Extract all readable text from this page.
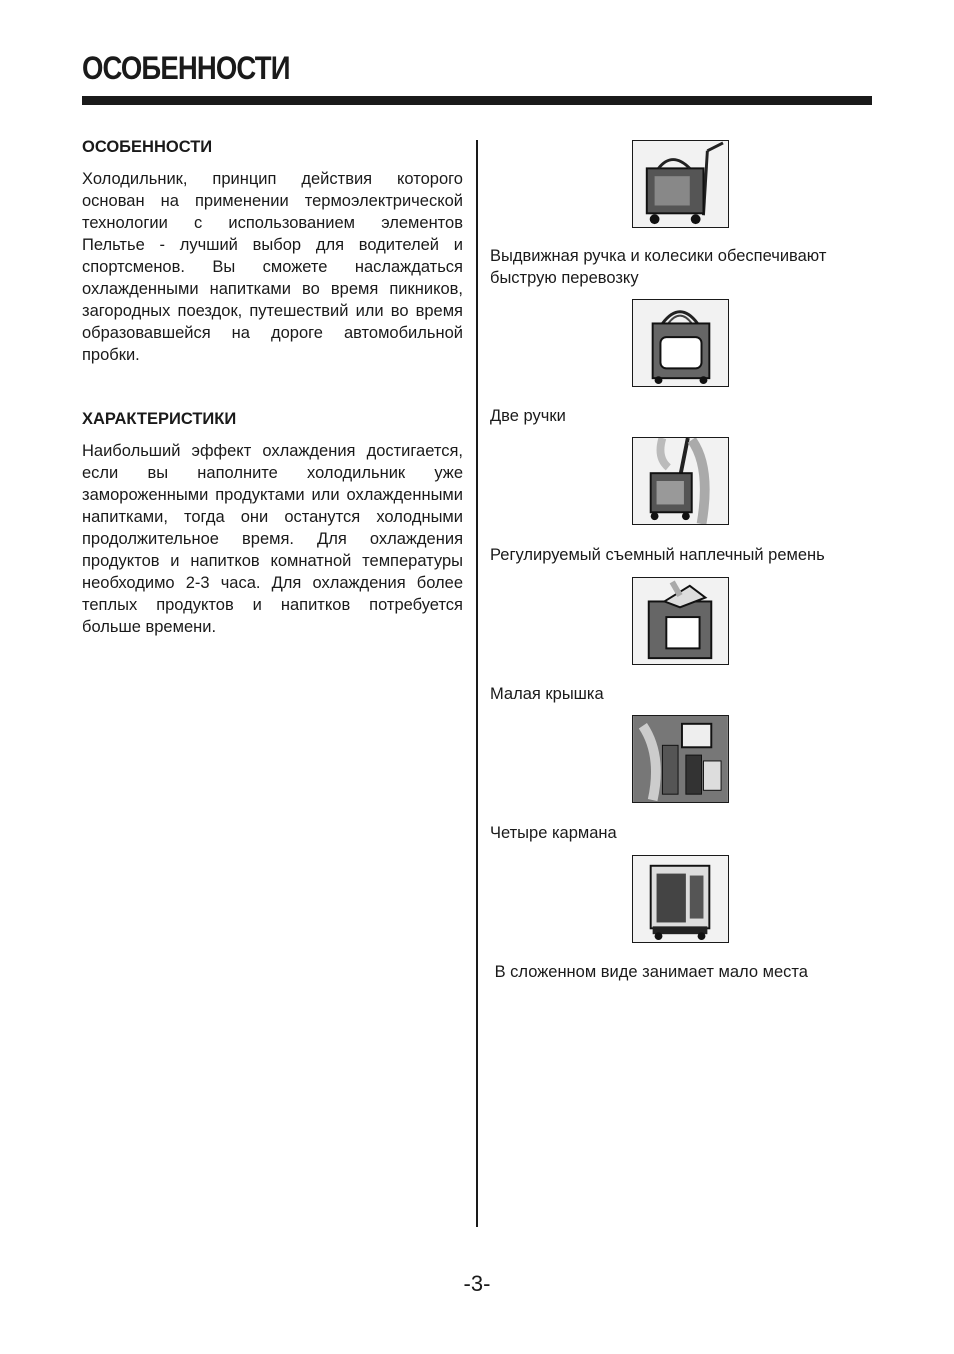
ОСОБЕННОСТИ
ОСОБЕННОСТИ

Холодильник, принцип действия которого основан на применении термоэлектрической технологии с использованием элементов Пельтье - лучший выбор для водителей и спортсменов. Вы сможете наслаждаться охлажденными напитками во время пикников, загородных поездок, путешествий или во время образовавшейся на дороге автомобильной пробки.

ХАРАКТЕРИСТИКИ

Наибольший эффект охлаждения достигается, если вы наполните холодильник уже замороженными продуктами или охлажденными напитками, тогда они останутся холодными продолжительное время. Для охлаждения продуктов и напитков комнатной температуры необходимо 2-3 часа. Для охлаждения более теплых продуктов и напитков потребуется больше времени.

Выдвижная ручка и колесики обеспечивают быструю перевозку

Две ручки

Регулируемый съемный наплечный ремень

Малая крышка

Четыре кармана

В сложенном виде занимает мало места

-3-
